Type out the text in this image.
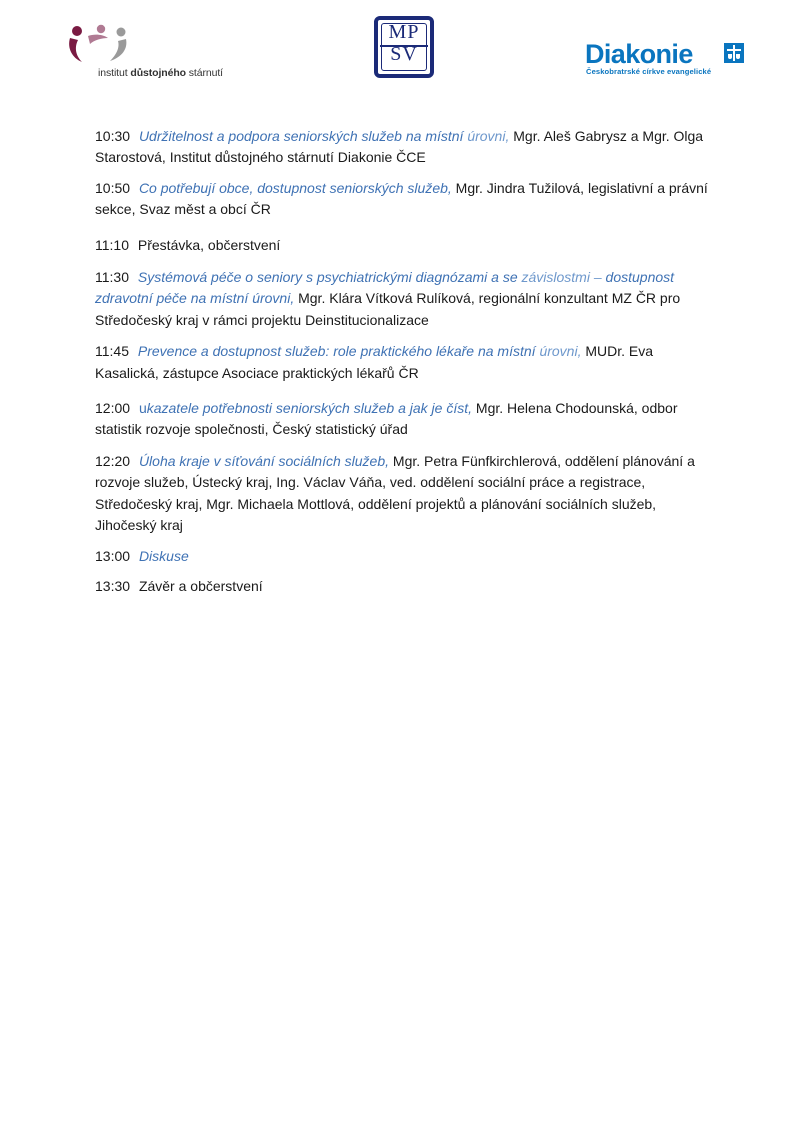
institut důstojného stárnutí
MP
SV	Diakonie
Českobratrské církve evangelické

10:30 Udržitelnost a podpora seniorských služeb na místní úrovni, Mgr. Aleš Gabrysz a Mgr. Olga Starostová, Institut důstojného stárnutí Diakonie ČCE

10:50 Co potřebují obce, dostupnost seniorských služeb, Mgr. Jindra Tužilová, legislativní a právní sekce, Svaz měst a obcí ČR

11:10 Přestávka, občerstvení

11:30 Systémová péče o seniory s psychiatrickými diagnózami a se závislostmi – dostupnost zdravotní péče na místní úrovni, Mgr. Klára Vítková Rulíková, regionální konzultant MZ ČR pro Středočeský kraj v rámci projektu Deinstitucionalizace

11:45 Prevence a dostupnost služeb: role praktického lékaře na místní úrovni, MUDr. Eva Kasalická, zástupce Asociace praktických lékařů ČR

12:00 ukazatele potřebnosti seniorských služeb a jak je číst, Mgr. Helena Chodounská, odbor statistik rozvoje společnosti, Český statistický úřad

12:20 Úloha kraje v síťování sociálních služeb, Mgr. Petra Fünfkirchlerová, oddělení plánování a rozvoje služeb, Ústecký kraj, Ing. Václav Váňa, ved. oddělení sociální práce a registrace, Středočeský kraj, Mgr. Michaela Mottlová, oddělení projektů a plánování sociálních služeb, Jihočeský kraj

13:00 Diskuse

13:30 Závěr a občerstvení
